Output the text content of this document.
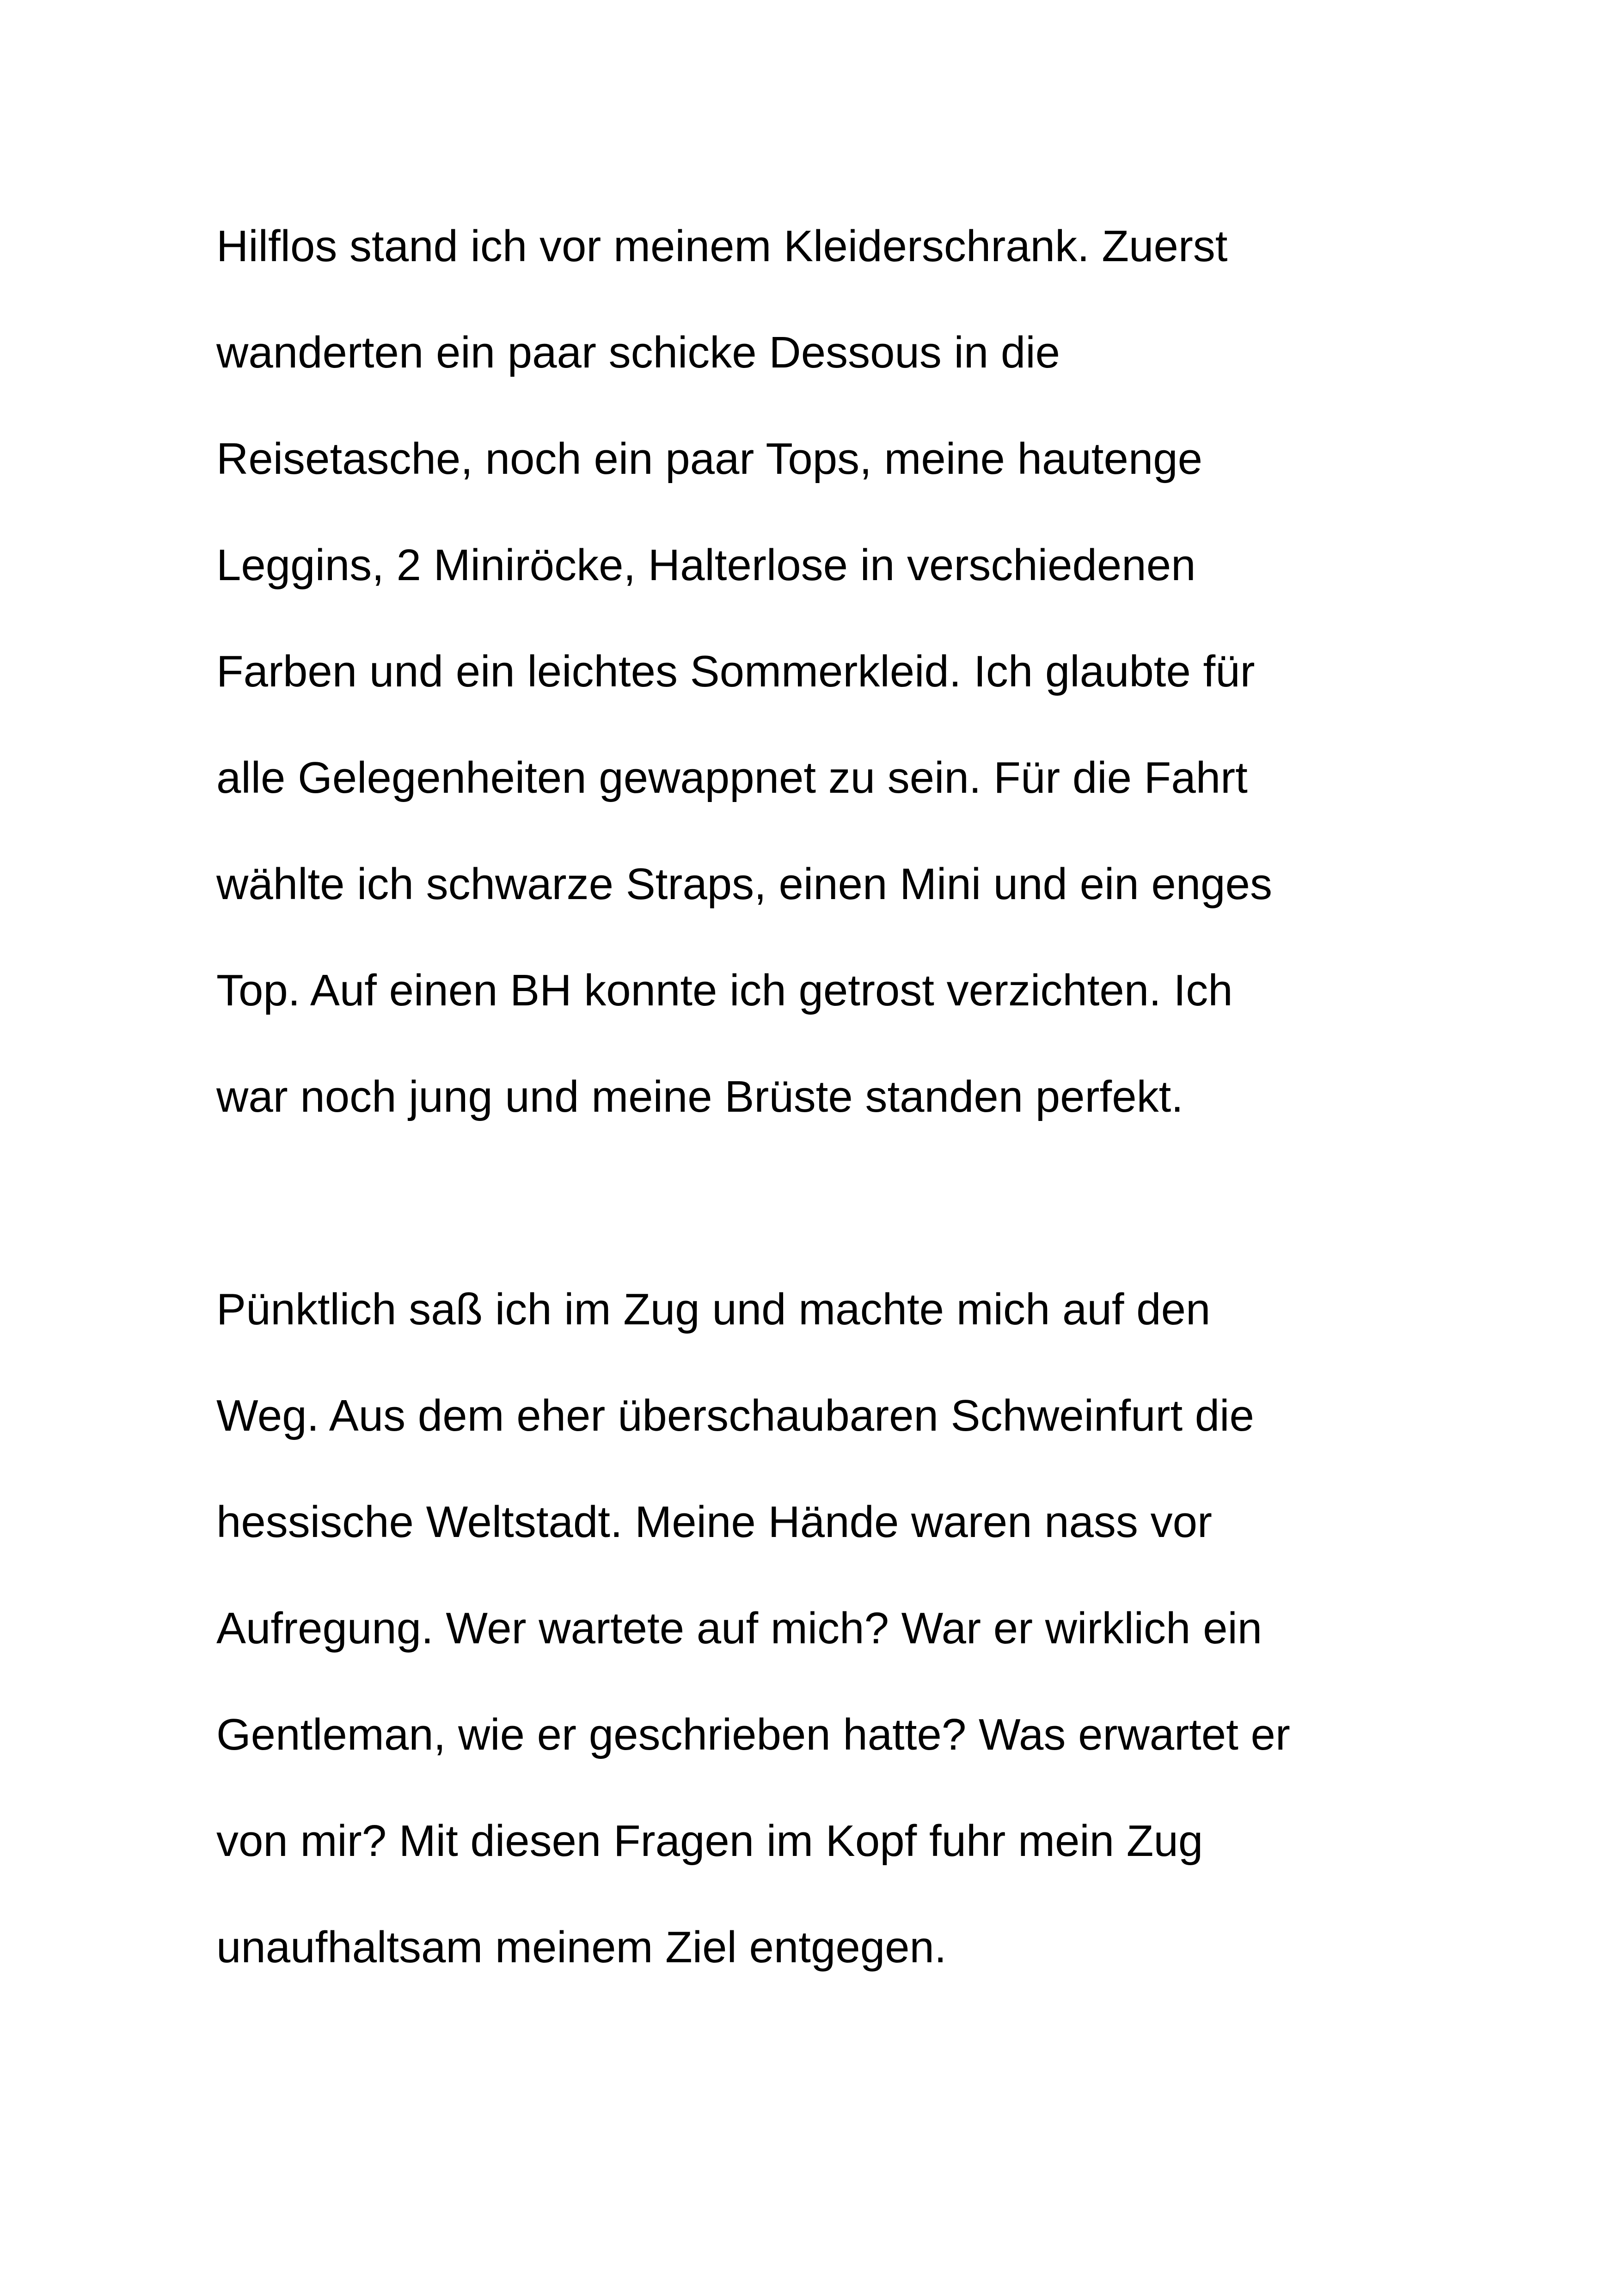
Hilflos stand ich vor meinem Kleiderschrank. Zuerst

wanderten ein paar schicke Dessous in die

Reisetasche, noch ein paar Tops, meine hautenge

Leggins, 2 Miniröcke, Halterlose in verschiedenen

Farben und ein leichtes Sommerkleid. Ich glaubte für

alle Gelegenheiten gewappnet zu sein. Für die Fahrt

wählte ich schwarze Straps, einen Mini und ein enges

Top. Auf einen BH konnte ich getrost verzichten. Ich

war noch jung und meine Brüste standen perfekt.

Pünktlich saß ich im Zug und machte mich auf den

Weg. Aus dem eher überschaubaren Schweinfurt die

hessische Weltstadt. Meine Hände waren nass vor

Aufregung. Wer wartete auf mich? War er wirklich ein

Gentleman, wie er geschrieben hatte? Was erwartet er

von mir? Mit diesen Fragen im Kopf fuhr mein Zug

unaufhaltsam meinem Ziel entgegen.
